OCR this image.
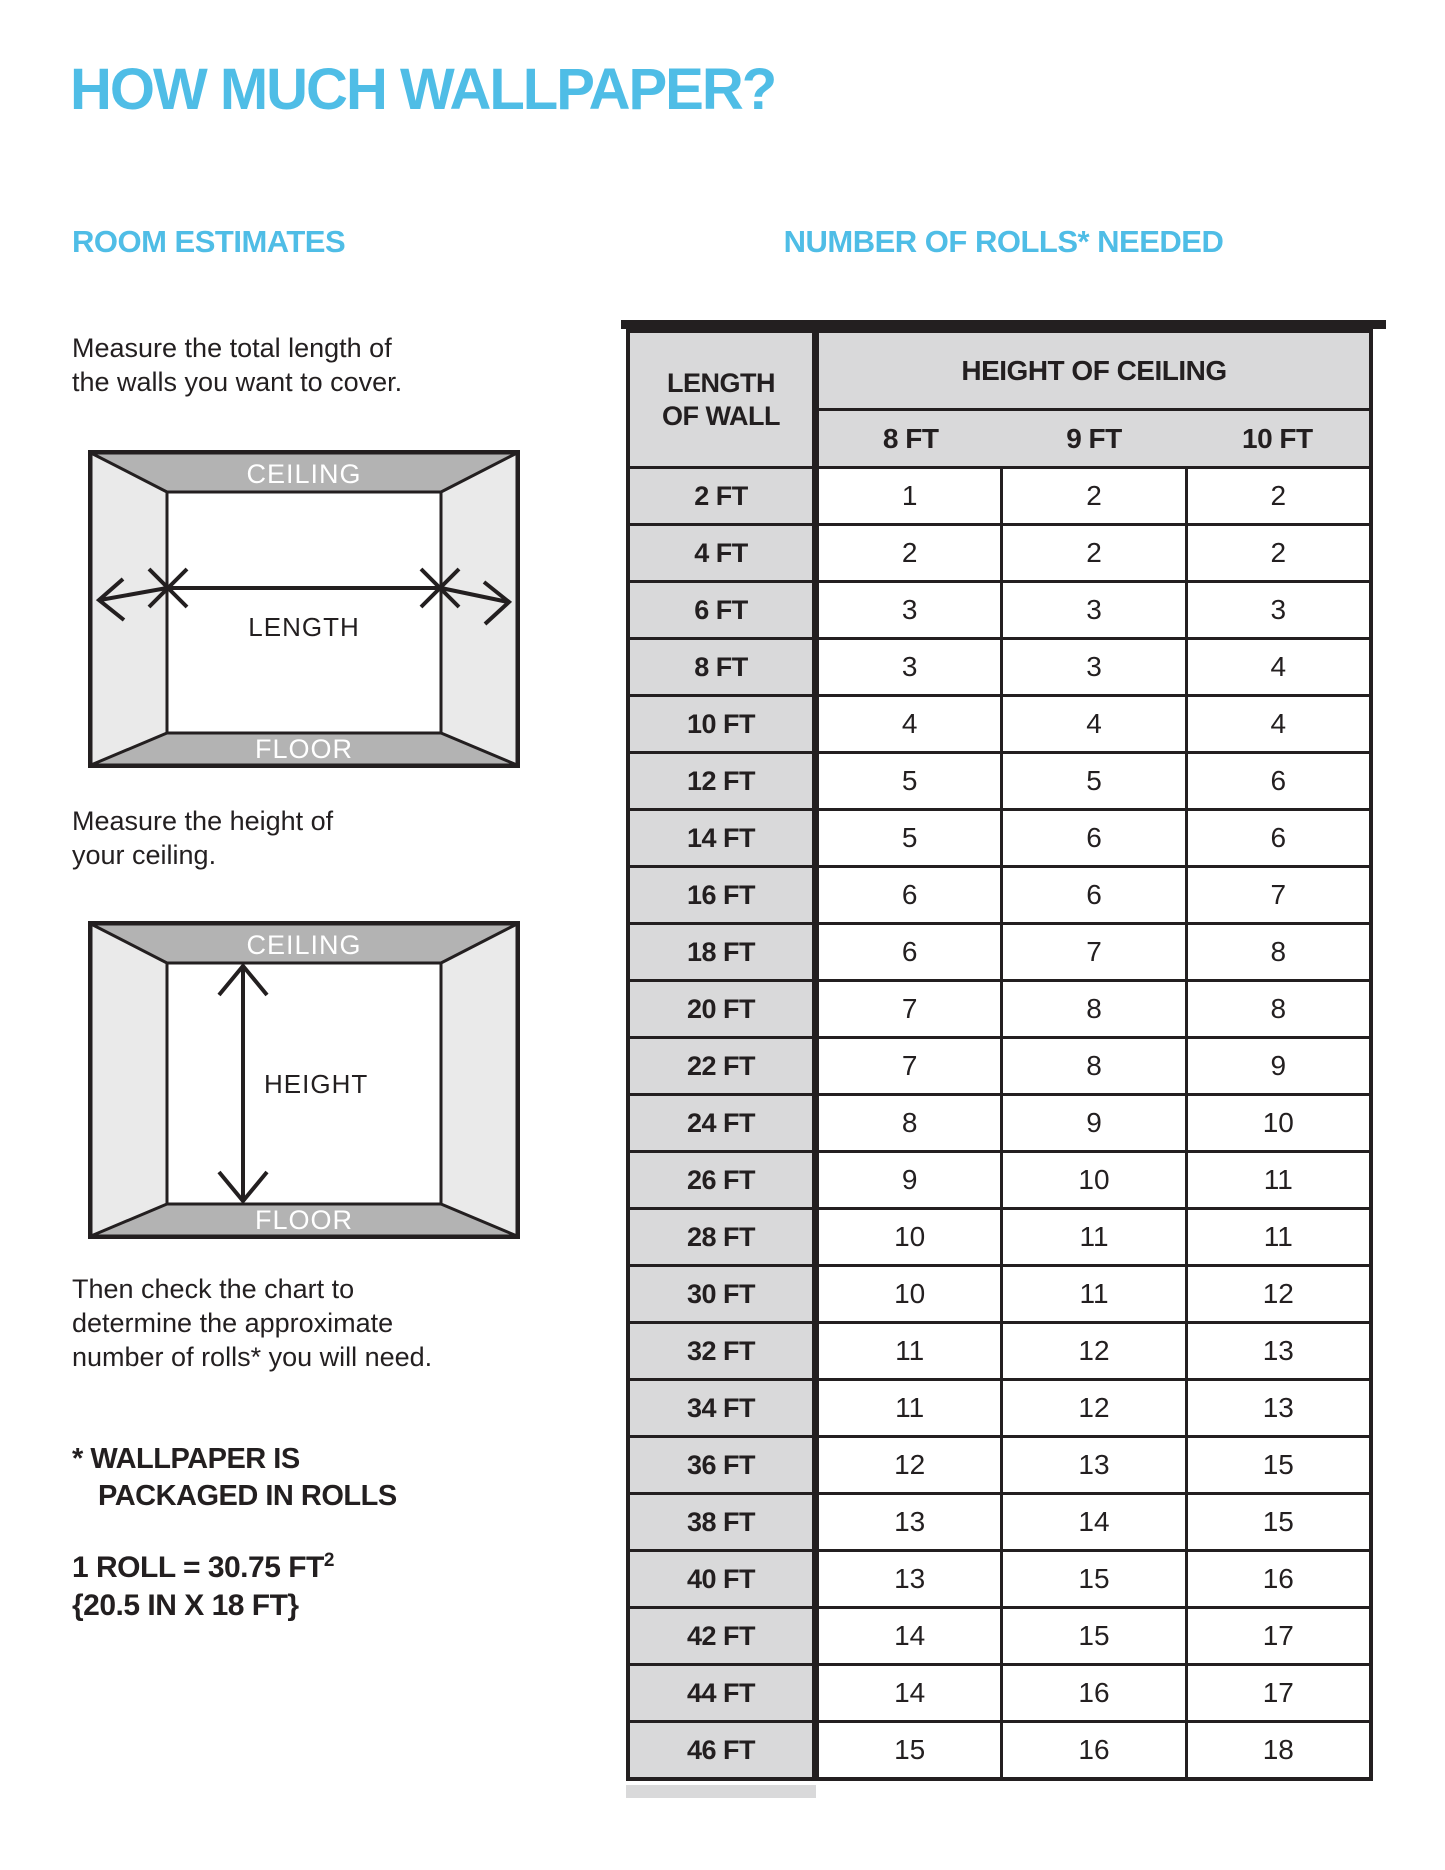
HOW MUCH WALLPAPER?
ROOM ESTIMATES	NUMBER OF ROLLS* NEEDED
Measure the total length of
the walls you want to cover.
CEILING
FLOOR
LENGTH
Measure the height of
your ceiling.
CEILING
FLOOR
HEIGHT
Then check the chart to
determine the approximate
number of rolls* you will need.
* WALLPAPER IS
PACKAGED IN ROLLS
1 ROLL = 30.75 $FT^2$
{20.5 IN X 18 FT}
LENGTH
OF WALL
HEIGHT OF CEILING
8 FT	9 FT	10 FT
2 FT	1	2	2
4 FT	2	2	2
6 FT	3	3	3
8 FT	3	3	4
10 FT	4	4	4
12 FT	5	5	6
14 FT	5	6	6
16 FT	6	6	7
18 FT	6	7	8
20 FT	7	8	8
22 FT	7	8	9
24 FT	8	9	10
26 FT	9	10	11
28 FT	10	11	11
30 FT	10	11	12
32 FT	11	12	13
34 FT	11	12	13
36 FT	12	13	15
38 FT	13	14	15
40 FT	13	15	16
42 FT	14	15	17
44 FT	14	16	17
46 FT	15	16	18
